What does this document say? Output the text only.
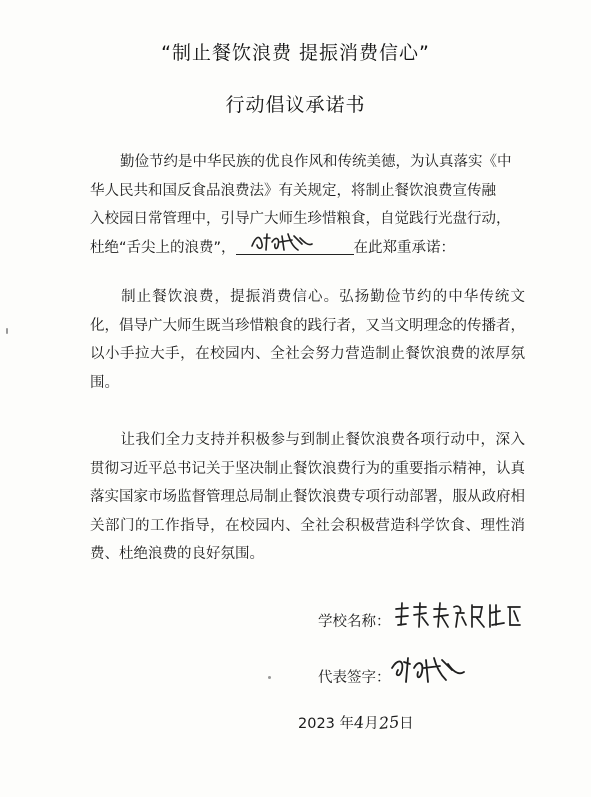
“制止餐饮浪费 提振消费信心”
行动倡议承诺书
勤俭节约是中华民族的优良作风和传统美德，为认真落实《中
华人民共和国反食品浪费法》有关规定，将制止餐饮浪费宣传融
入校园日常管理中，引导广大师生珍惜粮食，自觉践行光盘行动，
杜绝“舌尖上的浪费”，	在此郑重承诺：
制止餐饮浪费，提振消费信心。弘扬勤俭节约的中华传统文化，倡导广大师生既当珍惜粮食的践行者，又当文明理念的传播者，以小手拉大手，在校园内、全社会努力营造制止餐饮浪费的浓厚氛围。
让我们全力支持并积极参与到制止餐饮浪费各项行动中，深入贯彻习近平总书记关于坚决制止餐饮浪费行为的重要指示精神，认真落实国家市场监督管理总局制止餐饮浪费专项行动部署，服从政府相关部门的工作指导，在校园内、全社会积极营造科学饮食、理性消费、杜绝浪费的良好氛围。
学校名称：
代表签字：
2023 年4月25日
